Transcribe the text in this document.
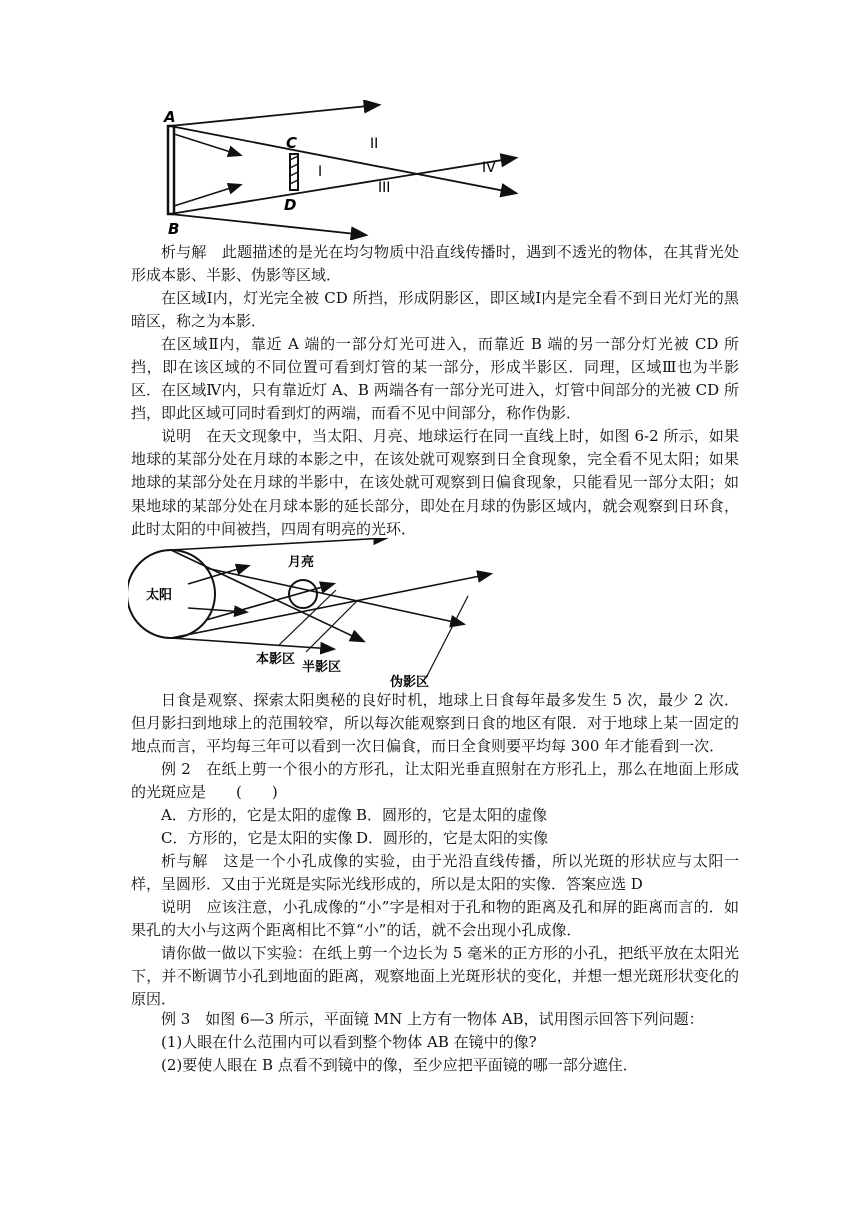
A
B
C
D
I
II
III
IV

析与解　此题描述的是光在均匀物质中沿直线传播时，遇到不透光的物体，在其背光处形成本影、半影、伪影等区域．

在区域Ⅰ内，灯光完全被 CD 所挡，形成阴影区，即区域Ⅰ内是完全看不到日光灯光的黑暗区，称之为本影．

在区域Ⅱ内，靠近 A 端的一部分灯光可进入，而靠近 B 端的另一部分灯光被 CD 所挡，即在该区域的不同位置可看到灯管的某一部分，形成半影区．同理，区域Ⅲ也为半影区． 在区域Ⅳ内，只有靠近灯 A、B 两端各有一部分光可进入，灯管中间部分的光被 CD 所挡，即此区域可同时看到灯的两端，而看不见中间部分，称作伪影．

说明　在天文现象中，当太阳、月亮、地球运行在同一直线上时，如图 6-2 所示，如果地球的某部分处在月球的本影之中，在该处就可观察到日全食现象，完全看不见太阳；如果地球的某部分处在月球的半影中，在该处就可观察到日偏食现象，只能看见一部分太阳；如果地球的某部分处在月球本影的延长部分，即处在月球的伪影区域内，就会观察到日环食，此时太阳的中间被挡，四周有明亮的光环．

太阳
月亮
本影区
半影区
伪影区

日食是观察、探索太阳奥秘的良好时机，地球上日食每年最多发生 5 次，最少 2 次．但月影扫到地球上的范围较窄，所以每次能观察到日食的地区有限．对于地球上某一固定的地点而言，平均每三年可以看到一次日偏食，而日全食则要平均每 300 年才能看到一次．

例 2　在纸上剪一个很小的方形孔，让太阳光垂直照射在方形孔上，那么在地面上形成的光斑应是　　(　　)

A．方形的，它是太阳的虚像 B．圆形的，它是太阳的虚像
C．方形的，它是太阳的实像 D．圆形的，它是太阳的实像

析与解　这是一个小孔成像的实验，由于光沿直线传播，所以光斑的形状应与太阳一样，呈圆形．又由于光斑是实际光线形成的，所以是太阳的实像．答案应选 D

说明　应该注意，小孔成像的“小”字是相对于孔和物的距离及孔和屏的距离而言的．如果孔的大小与这两个距离相比不算“小”的话，就不会出现小孔成像．

请你做一做以下实验：在纸上剪一个边长为 5 毫米的正方形的小孔，把纸平放在太阳光下，并不断调节小孔到地面的距离，观察地面上光斑形状的变化，并想一想光斑形状变化的原因．

例 3　如图 6—3 所示，平面镜 MN 上方有一物体 AB，试用图示回答下列问题：

(1)人眼在什么范围内可以看到整个物体 AB 在镜中的像?

(2)要使人眼在 B 点看不到镜中的像，至少应把平面镜的哪一部分遮住．
